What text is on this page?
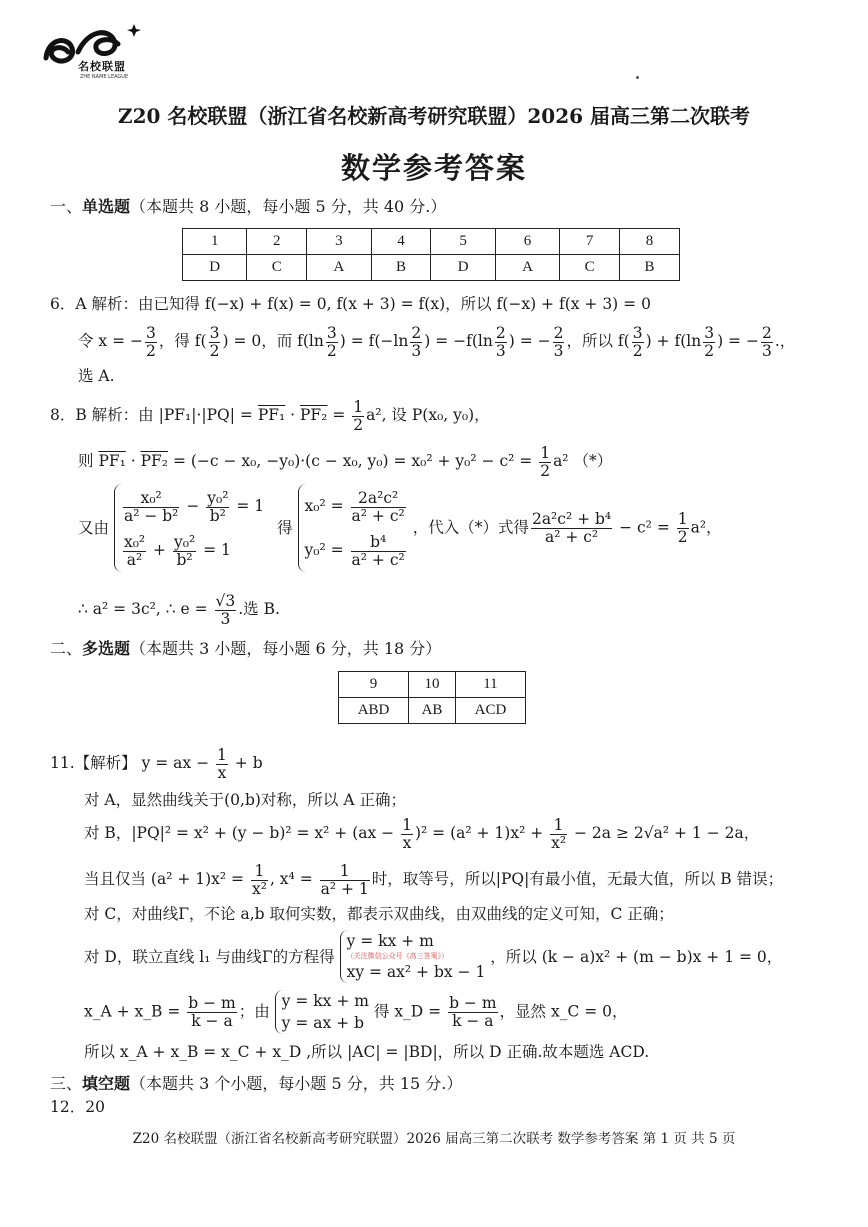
名校联盟
ZHE NAME LEAGUE
Z20 名校联盟（浙江省名校新高考研究联盟）2026 届高三第二次联考
数学参考答案
一、单选题（本题共 8 小题，每小题 5 分，共 40 分.）
1	2	3	4	5	6	7	8
D	C	A	B	D	A	C	B
6．A 解析：由已知得 f(−x) + f(x) = 0, f(x + 3) = f(x)，所以 f(−x) + f(x + 3) = 0
令 x = − $\frac{3}{2}$ ，得 $f( \frac{3}{2}$ ) = 0，而 $f(\ln \frac{3}{2}$ ) = $f(-\ln \frac{2}{3}$ ) = $-f(\ln \frac{2}{3}$ ) = − $\frac{2}{3}$ ，所以 $f( \frac{3}{2}$ ) + $f(\ln \frac{3}{2}$ ) = − $\frac{2}{3}$ .，
选 A.
8．B 解析：由 $|PF_1|\cdot|PQ| = PF_1 \cdot PF_2 = \frac{1}{2} a^2$, 设 P(x₀, y₀)，
则 PF₁ · PF₂ = (−c − x₀, −y₀)·(c − x₀, $y_0) = x_0^2 + y_0^2 - c^2 = \frac{1}{2} a^2$ （*）
又由
$\frac{\text{x₀²}}{\text{a² − b²}} - \frac{\text{y₀²}}{\text{b²}} = 1$
$\frac{\text{x₀²}}{\text{a²}} + \frac{\text{y₀²}}{\text{b²}} = 1$
得
$x_0^2 = \frac{\text{2a²c²}}{\text{a² + c²}}$
$y_0^2 = \frac{\text{b⁴}}{\text{a² + c²}}$
，代入（*）式得 $\frac{\text{2a²c² + b⁴}}{\text{a² + c²}} - c^2 = \frac{1}{2} a^2$，
∴ a² = 3c², ∴ $e = \frac{√3}{3}$ .选 B.
二、多选题（本题共 3 小题，每小题 6 分，共 18 分）
9	10	11
ABD	AB	ACD
11.【解析】 y = ax − $\frac{1}{x} + b$
对 A，显然曲线关于(0,b)对称，所以 A 正确；
对 B，$|PQ|^2 = x^2 + (y - b)^2 = x^2 + (ax - \frac{1}{x} )^2 = (a^2 + 1)x^2 + \frac{1}{\text{x²}} - 2a \ge 2√a^2 + 1 - 2a$，
当且仅当 $(a^2 + 1)x^2 = \frac{1}{\text{x²}}$ , $x^4 = \frac{1}{\text{a² + 1}}$ 时，取等号，所以|PQ|有最小值，无最大值，所以 B 错误；
对 C，对曲线Γ，不论 a,b 取何实数，都表示双曲线，由双曲线的定义可知，C 正确；
对 D，联立直线 l₁ 与曲线Γ的方程得
y = kx + m
（关注微信公众号《高三答案》）
xy = ax² + bx − 1
，所以 (k − a)x² + (m − b)x + 1 = 0，
x_A + x_B = $\frac{b - m}{k - a}$ ；由
y = kx + m
y = ax + b
得 x_D = $\frac{b - m}{k - a}$ ，显然 x_C = 0，
所以 x_A + x_B = x_C + x_D ,所以 |AC| = |BD|，所以 D 正确.故本题选 ACD.
三、填空题（本题共 3 个小题，每小题 5 分，共 15 分.）
12．20
Z20 名校联盟（浙江省名校新高考研究联盟）2026 届高三第二次联考 数学参考答案 第 1 页 共 5 页
